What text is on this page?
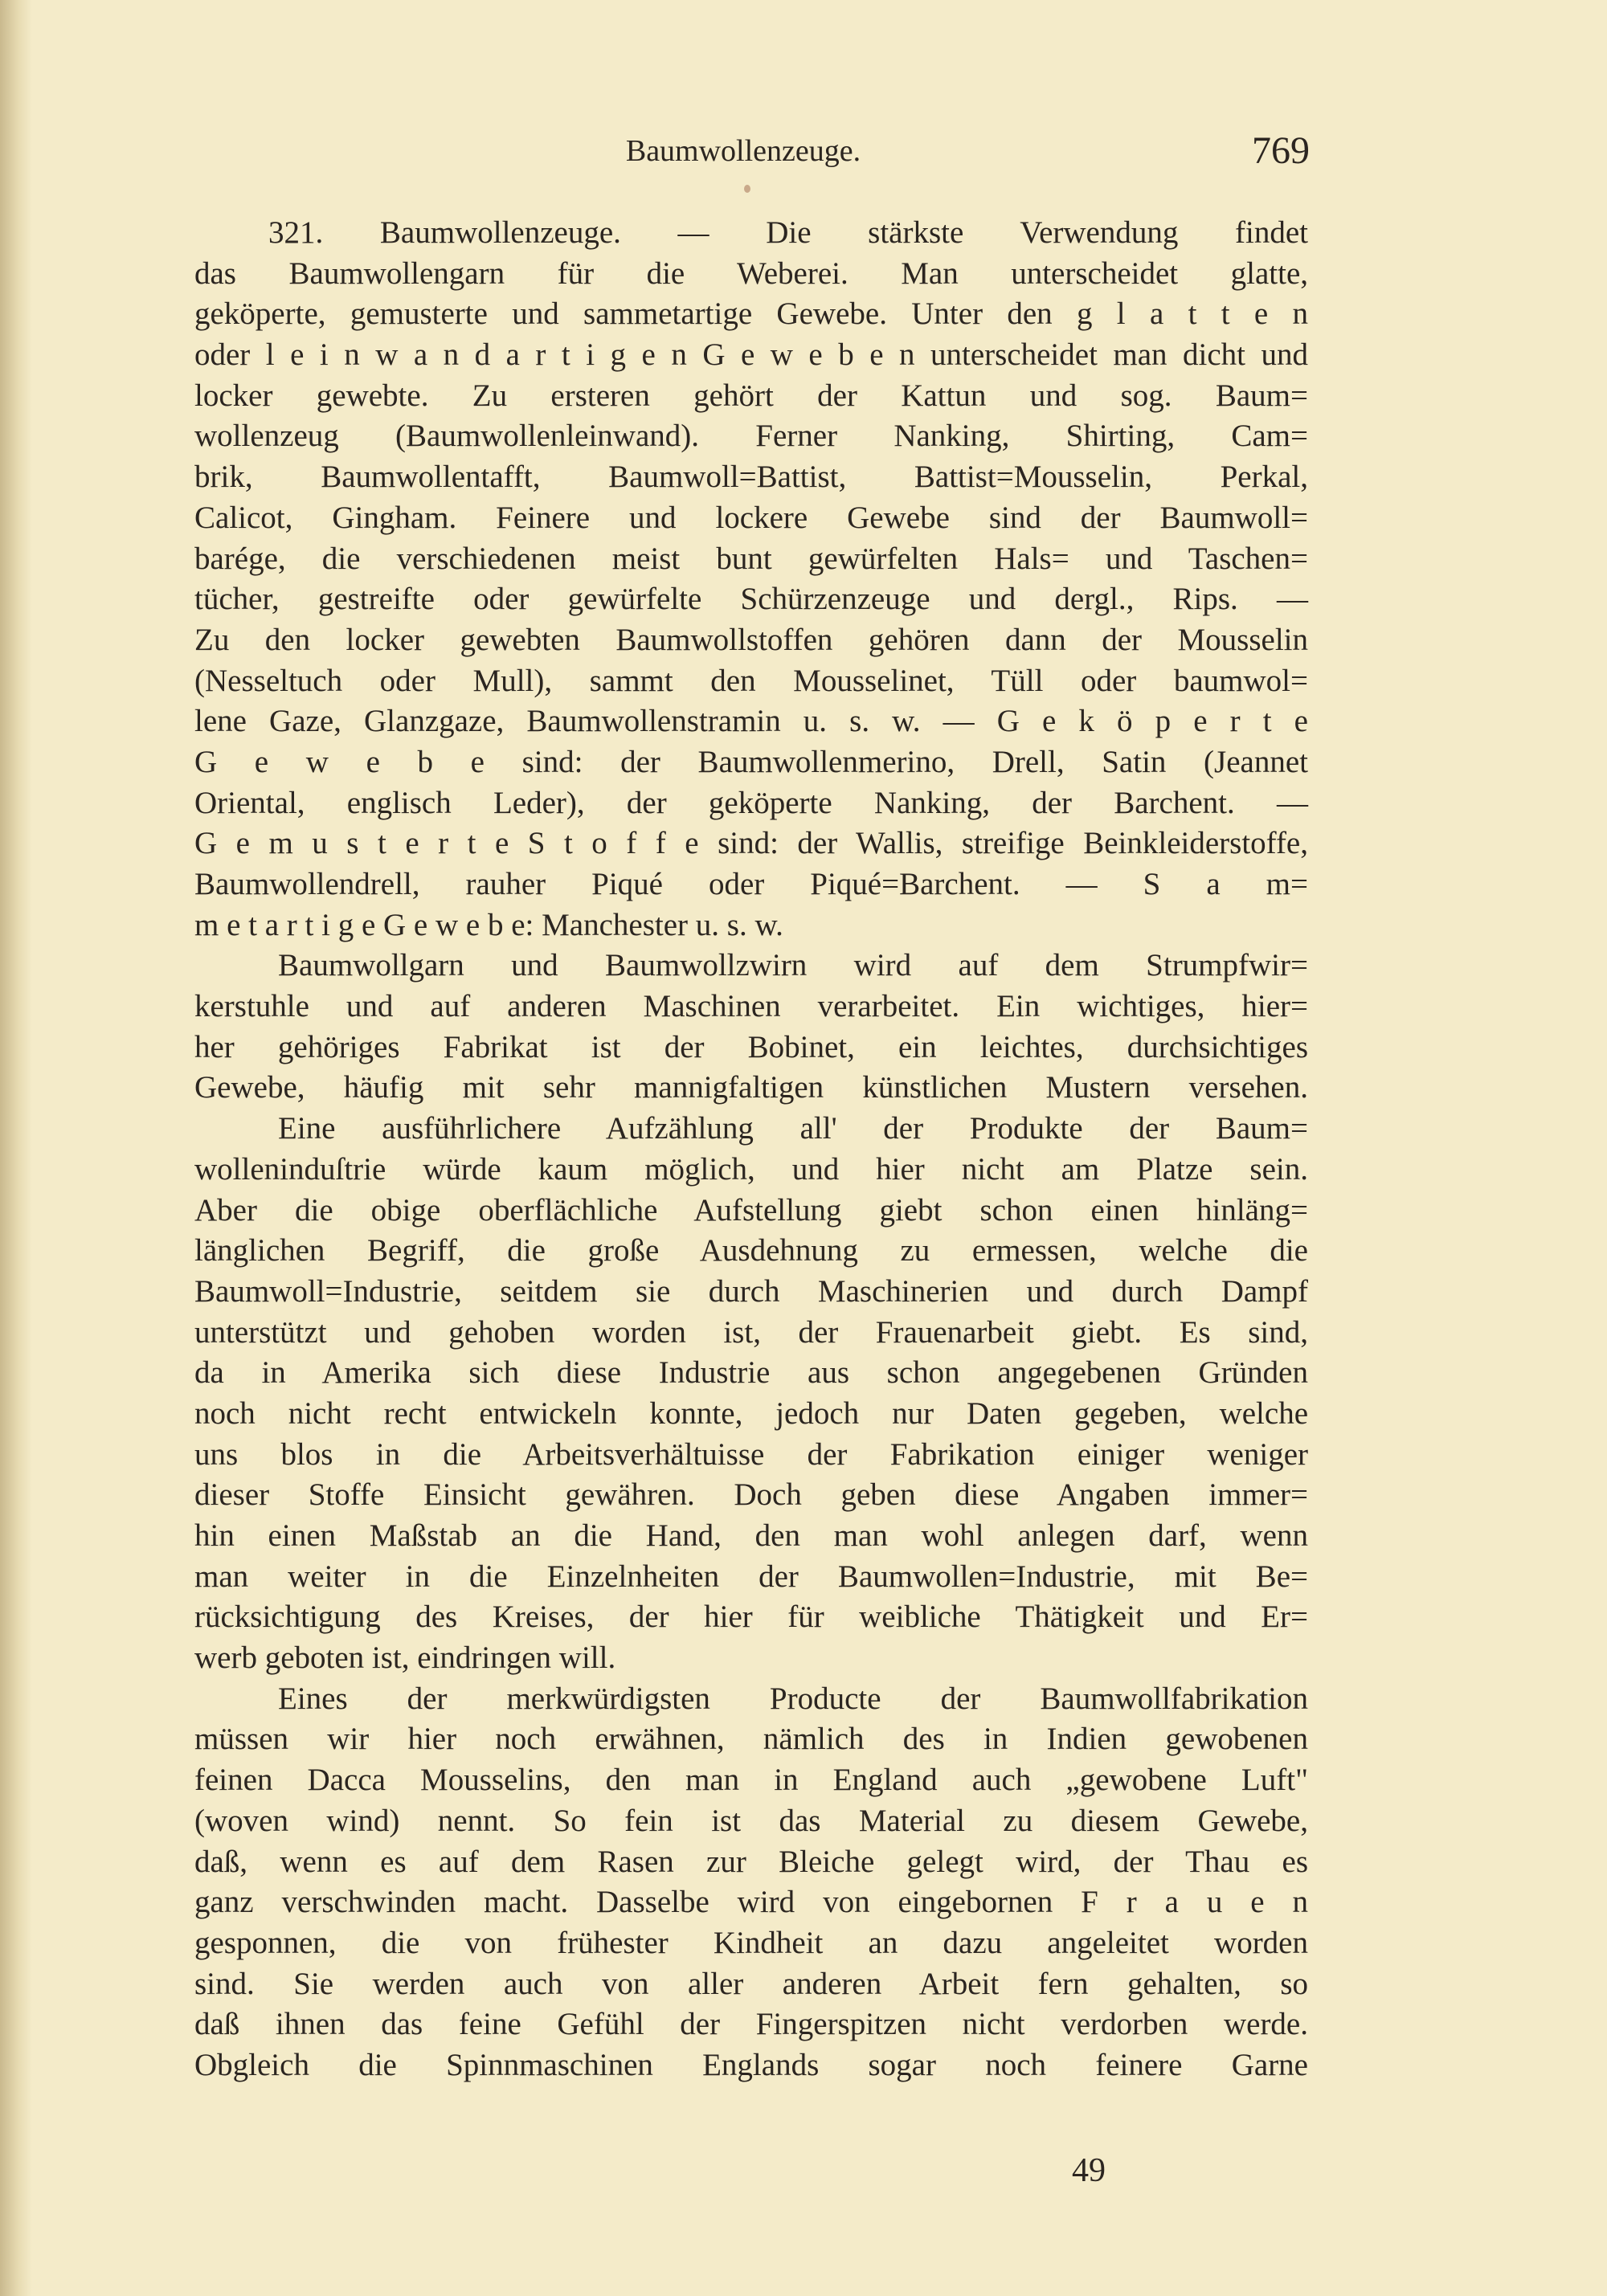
Baumwollenzeuge.	769
321. Baumwollenzeuge. — Die stärkste Verwendung findet
das Baumwollengarn für die Weberei. Man unterscheidet glatte,
geköperte, gemusterte und sammetartige Gewebe. Unter den g l a t t e n
oder l e i n w a n d a r t i g e n G e w e b e n unterscheidet man dicht und
locker gewebte. Zu ersteren gehört der Kattun und sog. Baum=
wollenzeug (Baumwollenleinwand). Ferner Nanking, Shirting, Cam=
brik, Baumwollentafft, Baumwoll=Battist, Battist=Mousselin, Perkal,
Calicot, Gingham. Feinere und lockere Gewebe sind der Baumwoll=
barége, die verschiedenen meist bunt gewürfelten Hals= und Taschen=
tücher, gestreifte oder gewürfelte Schürzenzeuge und dergl., Rips. —
Zu den locker gewebten Baumwollstoffen gehören dann der Mousselin
(Nesseltuch oder Mull), sammt den Mousselinet, Tüll oder baumwol=
lene Gaze, Glanzgaze, Baumwollenstramin u. s. w. — G e k ö p e r t e
G e w e b e sind: der Baumwollenmerino, Drell, Satin (Jeannet
Oriental, englisch Leder), der geköperte Nanking, der Barchent. —
G e m u s t e r t e S t o f f e sind: der Wallis, streifige Beinkleiderstoffe,
Baumwollendrell, rauher Piqué oder Piqué=Barchent. — S a m=
m e t a r t i g e G e w e b e: Manchester u. s. w.
Baumwollgarn und Baumwollzwirn wird auf dem Strumpfwir=
kerstuhle und auf anderen Maschinen verarbeitet. Ein wichtiges, hier=
her gehöriges Fabrikat ist der Bobinet, ein leichtes, durchsichtiges
Gewebe, häufig mit sehr mannigfaltigen künstlichen Mustern versehen.
Eine ausführlichere Aufzählung all' der Produkte der Baum=
wolleninduſtrie würde kaum möglich, und hier nicht am Platze sein.
Aber die obige oberflächliche Aufstellung giebt schon einen hinläng=
länglichen Begriff, die große Ausdehnung zu ermessen, welche die
Baumwoll=Industrie, seitdem sie durch Maschinerien und durch Dampf
unterstützt und gehoben worden ist, der Frauenarbeit giebt. Es sind,
da in Amerika sich diese Industrie aus schon angegebenen Gründen
noch nicht recht entwickeln konnte, jedoch nur Daten gegeben, welche
uns blos in die Arbeitsverhältuisse der Fabrikation einiger weniger
dieser Stoffe Einsicht gewähren. Doch geben diese Angaben immer=
hin einen Maßstab an die Hand, den man wohl anlegen darf, wenn
man weiter in die Einzelnheiten der Baumwollen=Industrie, mit Be=
rücksichtigung des Kreises, der hier für weibliche Thätigkeit und Er=
werb geboten ist, eindringen will.
Eines der merkwürdigsten Producte der Baumwollfabrikation
müssen wir hier noch erwähnen, nämlich des in Indien gewobenen
feinen Dacca Mousselins, den man in England auch „gewobene Luft"
(woven wind) nennt. So fein ist das Material zu diesem Gewebe,
daß, wenn es auf dem Rasen zur Bleiche gelegt wird, der Thau es
ganz verschwinden macht. Dasselbe wird von eingebornen F r a u e n
gesponnen, die von frühester Kindheit an dazu angeleitet worden
sind. Sie werden auch von aller anderen Arbeit fern gehalten, so
daß ihnen das feine Gefühl der Fingerspitzen nicht verdorben werde.
Obgleich die Spinnmaschinen Englands sogar noch feinere Garne
49
